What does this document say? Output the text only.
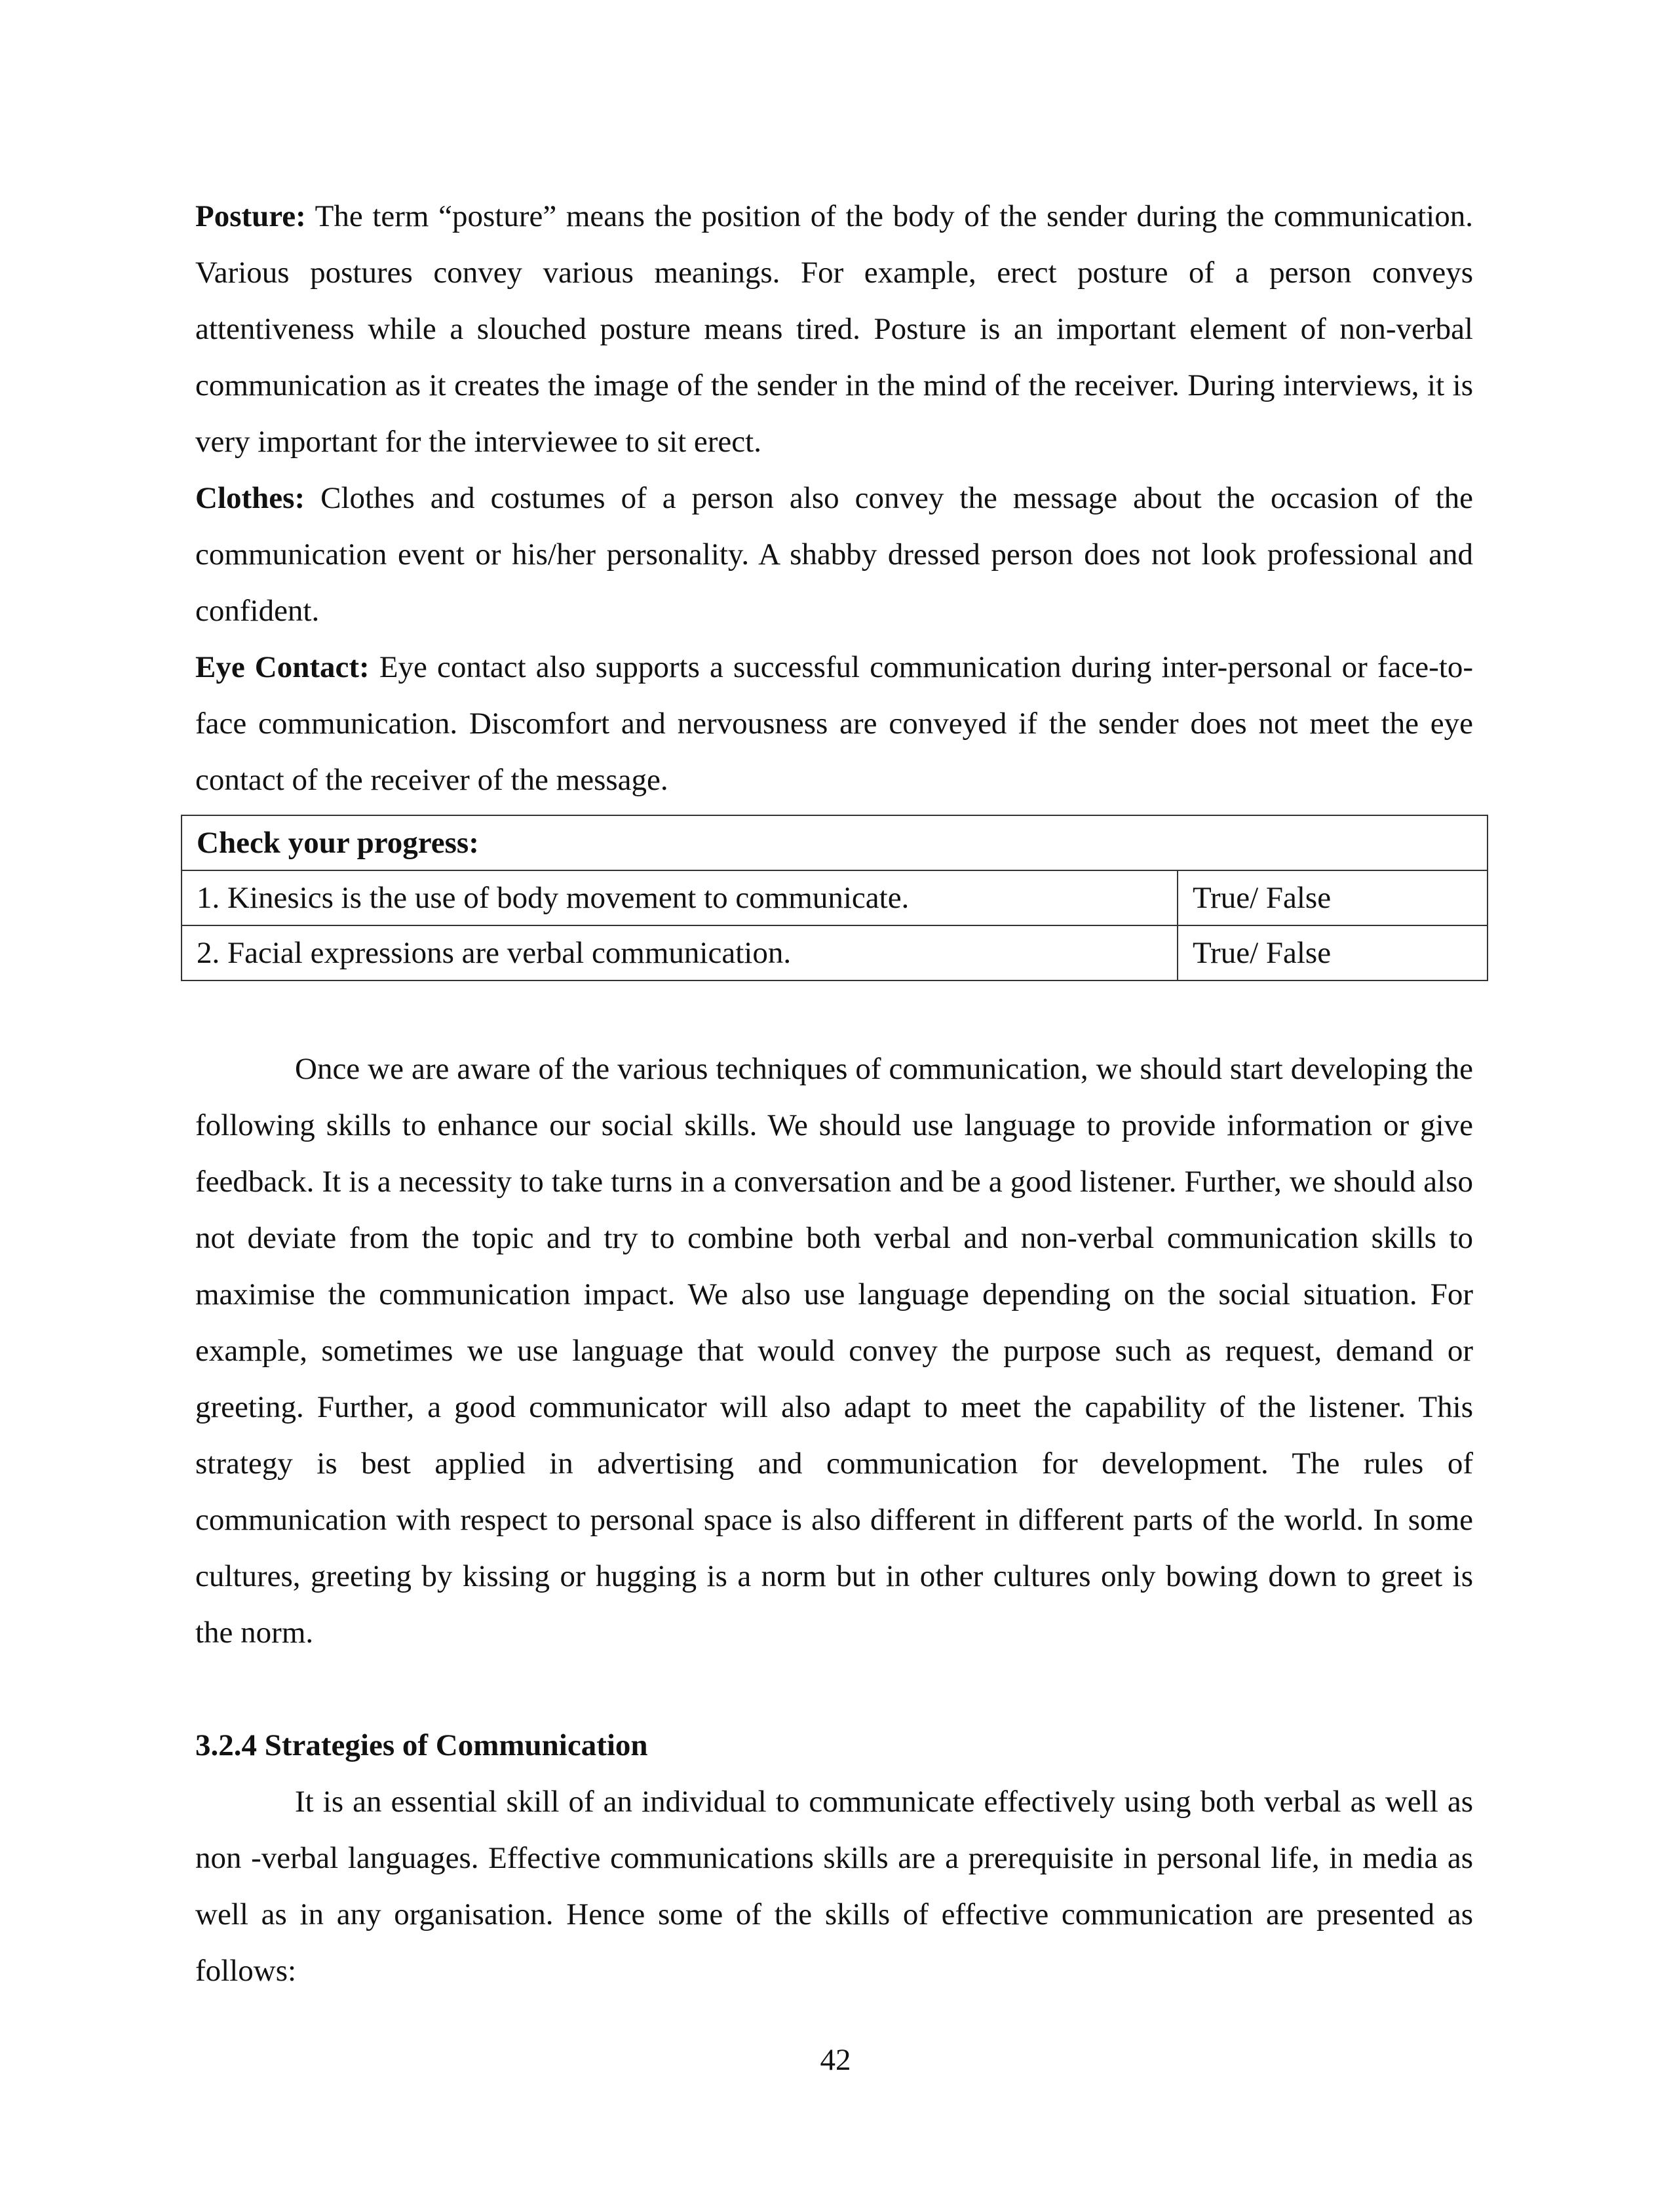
Posture: The term “posture” means the position of the body of the sender during the communication. Various postures convey various meanings. For example, erect posture of a person conveys attentiveness while a slouched posture means tired. Posture is an important element of non-verbal communication as it creates the image of the sender in the mind of the receiver. During interviews, it is very important for the interviewee to sit erect.

Clothes: Clothes and costumes of a person also convey the message about the occasion of the communication event or his/her personality. A shabby dressed person does not look professional and confident.

Eye Contact: Eye contact also supports a successful communication during inter-personal or face-to-face communication. Discomfort and nervousness are conveyed if the sender does not meet the eye contact of the receiver of the message.

Check your progress:	
1. Kinesics is the use of body movement to communicate.	True/ False
2. Facial expressions are verbal communication.	True/ False

Once we are aware of the various techniques of communication, we should start developing the following skills to enhance our social skills. We should use language to provide information or give feedback. It is a necessity to take turns in a conversation and be a good listener. Further, we should also not deviate from the topic and try to combine both verbal and non-verbal communication skills to maximise the communication impact. We also use language depending on the social situation. For example, sometimes we use language that would convey the purpose such as request, demand or greeting. Further, a good communicator will also adapt to meet the capability of the listener. This strategy is best applied in advertising and communication for development. The rules of communication with respect to personal space is also different in different parts of the world. In some cultures, greeting by kissing or hugging is a norm but in other cultures only bowing down to greet is the norm.

3.2.4 Strategies of Communication

It is an essential skill of an individual to communicate effectively using both verbal as well as non -verbal languages. Effective communications skills are a prerequisite in personal life, in media as well as in any organisation. Hence some of the skills of effective communication are presented as follows:

42
